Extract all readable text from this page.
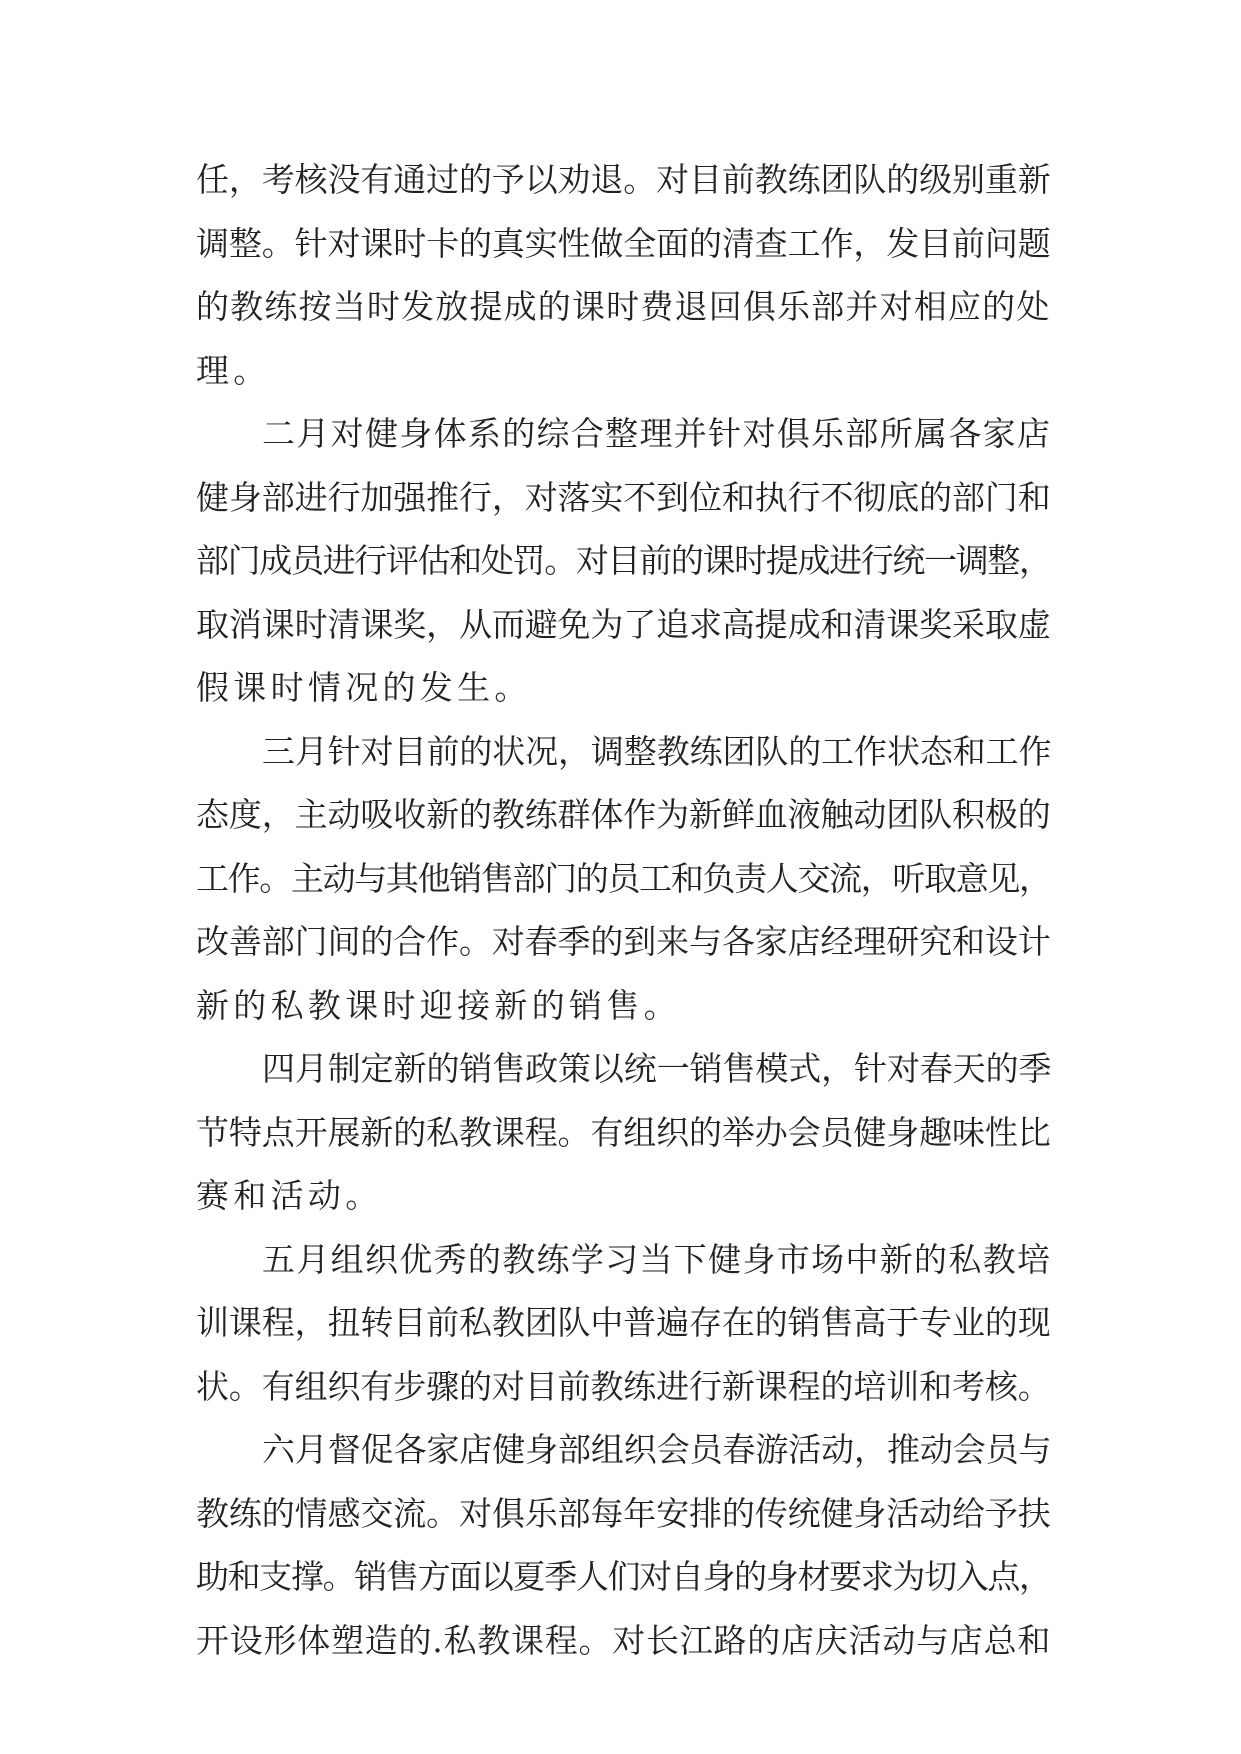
任，考核没有通过的予以劝退。对目前教练团队的级别重新
调整。针对课时卡的真实性做全面的清查工作，发目前问题
的教练按当时发放提成的课时费退回俱乐部并对相应的处
理。
二月对健身体系的综合整理并针对俱乐部所属各家店
健身部进行加强推行，对落实不到位和执行不彻底的部门和
部门成员进行评估和处罚。对目前的课时提成进行统一调整，
取消课时清课奖，从而避免为了追求高提成和清课奖采取虚
假课时情况的发生。
三月针对目前的状况，调整教练团队的工作状态和工作
态度，主动吸收新的教练群体作为新鲜血液触动团队积极的
工作。主动与其他销售部门的员工和负责人交流，听取意见，
改善部门间的合作。对春季的到来与各家店经理研究和设计
新的私教课时迎接新的销售。
四月制定新的销售政策以统一销售模式，针对春天的季
节特点开展新的私教课程。有组织的举办会员健身趣味性比
赛和活动。
五月组织优秀的教练学习当下健身市场中新的私教培
训课程，扭转目前私教团队中普遍存在的销售高于专业的现
状。有组织有步骤的对目前教练进行新课程的培训和考核。
六月督促各家店健身部组织会员春游活动，推动会员与
教练的情感交流。对俱乐部每年安排的传统健身活动给予扶
助和支撑。销售方面以夏季人们对自身的身材要求为切入点，
开设形体塑造的.私教课程。对长江路的店庆活动与店总和
